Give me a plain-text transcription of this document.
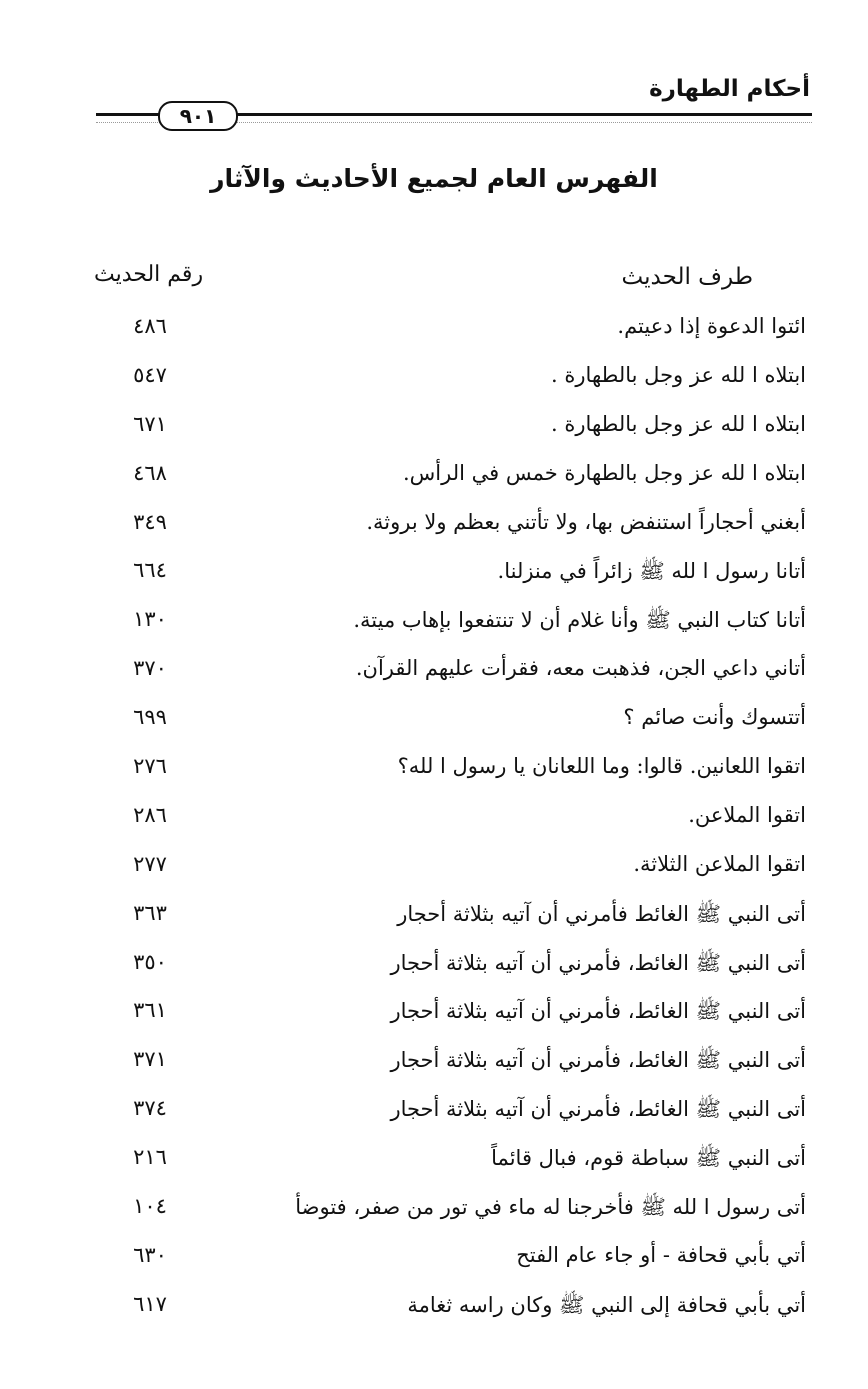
أحكام الطهارة
٩٠١
الفهرس العام لجميع الأحاديث والآثار
طرف الحديث
رقم الحديث
ائتوا الدعوة إذا دعيتم.
٤٨٦
ابتلاه ا لله عز وجل بالطهارة .
٥٤٧
ابتلاه ا لله عز وجل بالطهارة .
٦٧١
ابتلاه ا لله عز وجل بالطهارة خمس في الرأس.
٤٦٨
أبغني أحجاراً استنفض بها، ولا تأتني بعظم ولا بروثة.
٣٤٩
أتانا رسول ا لله ﷺ زائراً في منزلنا.
٦٦٤
أتانا كتاب النبي ﷺ وأنا غلام أن لا تنتفعوا بإهاب ميتة.
١٣٠
أتاني داعي الجن، فذهبت معه، فقرأت عليهم القرآن.
٣٧٠
أتتسوك وأنت صائم ؟
٦٩٩
اتقوا اللعانين. قالوا: وما اللعانان يا رسول ا لله؟
٢٧٦
اتقوا الملاعن.
٢٨٦
اتقوا الملاعن الثلاثة.
٢٧٧
أتى النبي ﷺ الغائط فأمرني أن آتيه بثلاثة أحجار
٣٦٣
أتى النبي ﷺ الغائط، فأمرني أن آتيه بثلاثة أحجار
٣٥٠
أتى النبي ﷺ الغائط، فأمرني أن آتيه بثلاثة أحجار
٣٦١
أتى النبي ﷺ الغائط، فأمرني أن آتيه بثلاثة أحجار
٣٧١
أتى النبي ﷺ الغائط، فأمرني أن آتيه بثلاثة أحجار
٣٧٤
أتى النبي ﷺ سباطة قوم، فبال قائماً
٢١٦
أتى رسول ا لله ﷺ فأخرجنا له ماء في تور من صفر، فتوضأ
١٠٤
أتي بأبي قحافة - أو جاء عام الفتح
٦٣٠
أتي بأبي قحافة إلى النبي ﷺ وكان راسه ثغامة
٦١٧
